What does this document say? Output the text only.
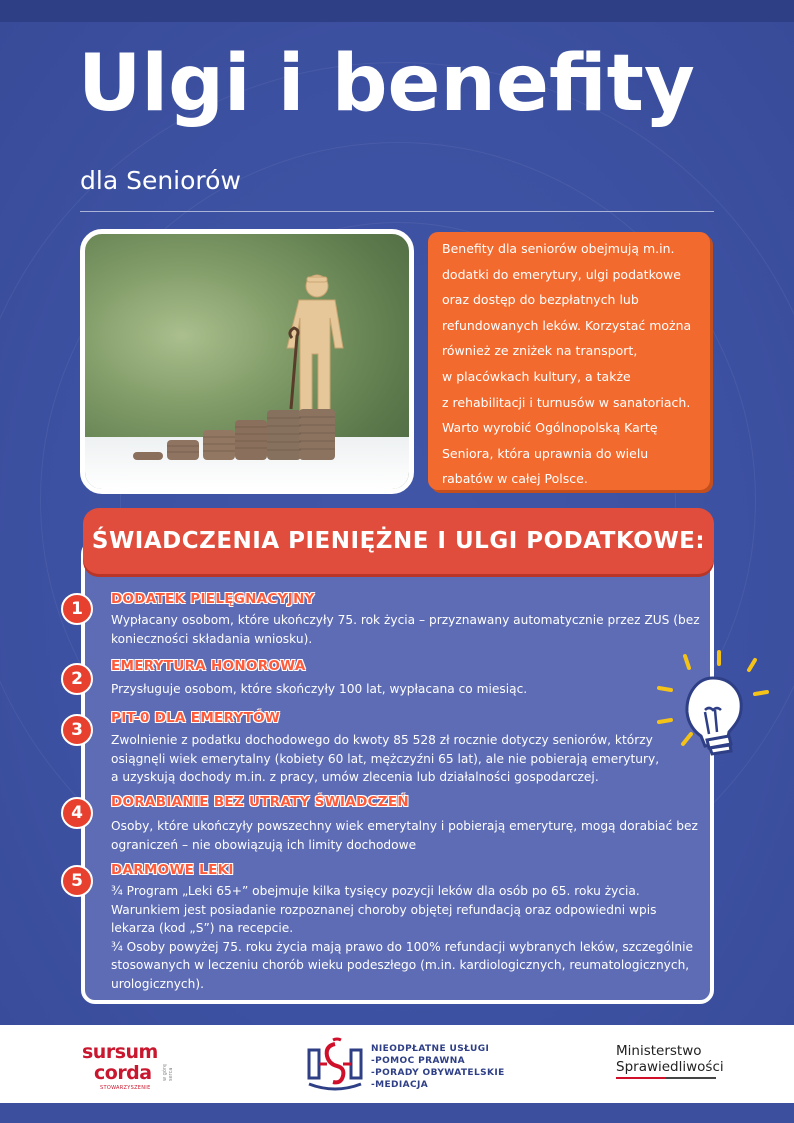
Ulgi i benefity
dla Seniorów

Benefity dla seniorów obejmują m.in.

dodatki do emerytury, ulgi podatkowe

oraz dostęp do bezpłatnych lub

refundowanych leków. Korzystać można

również ze zniżek na transport,

w placówkach kultury, a także

z rehabilitacji i turnusów w sanatoriach.

Warto wyrobić Ogólnopolską Kartę

Seniora, która uprawnia do wielu

rabatów w całej Polsce.

ŚWIADCZENIA PIENIĘŻNE I ULGI PODATKOWE:
1	DODATEK PIELĘGNACYJNY
Wypłacany osobom, które ukończyły 75. rok życia – przyznawany automatycznie przez ZUS (bez
konieczności składania wniosku).
2
EMERYTURA HONOROWA
Przysługuje osobom, które skończyły 100 lat, wypłacana co miesiąc.
3
PIT-0 DLA EMERYTÓW
Zwolnienie z podatku dochodowego do kwoty 85 528 zł rocznie dotyczy seniorów, którzy
osiągnęli wiek emerytalny (kobiety 60 lat, mężczyźni 65 lat), ale nie pobierają emerytury,
a uzyskują dochody m.in. z pracy, umów zlecenia lub działalności gospodarczej.
4
DORABIANIE BEZ UTRATY ŚWIADCZEŃ
Osoby, które ukończyły powszechny wiek emerytalny i pobierają emeryturę, mogą dorabiać bez
ograniczeń – nie obowiązują ich limity dochodowe
5
DARMOWE LEKI
¾ Program „Leki 65+” obejmuje kilka tysięcy pozycji leków dla osób po 65. roku życia.
Warunkiem jest posiadanie rozpoznanej choroby objętej refundacją oraz odpowiedni wpis
lekarza (kod „S”) na recepcie.
¾ Osoby powyżej 75. roku życia mają prawo do 100% refundacji wybranych leków, szczególnie
stosowanych w leczeniu chorób wieku podeszłego (m.in. kardiologicznych, reumatologicznych,
urologicznych).
sursum
corda
STOWARZYSZENIE
w górę serca
NIEODPŁATNE USŁUGI
-POMOC PRAWNA
-PORADY OBYWATELSKIE
-MEDIACJA
Ministerstwo
Sprawiedliwości
